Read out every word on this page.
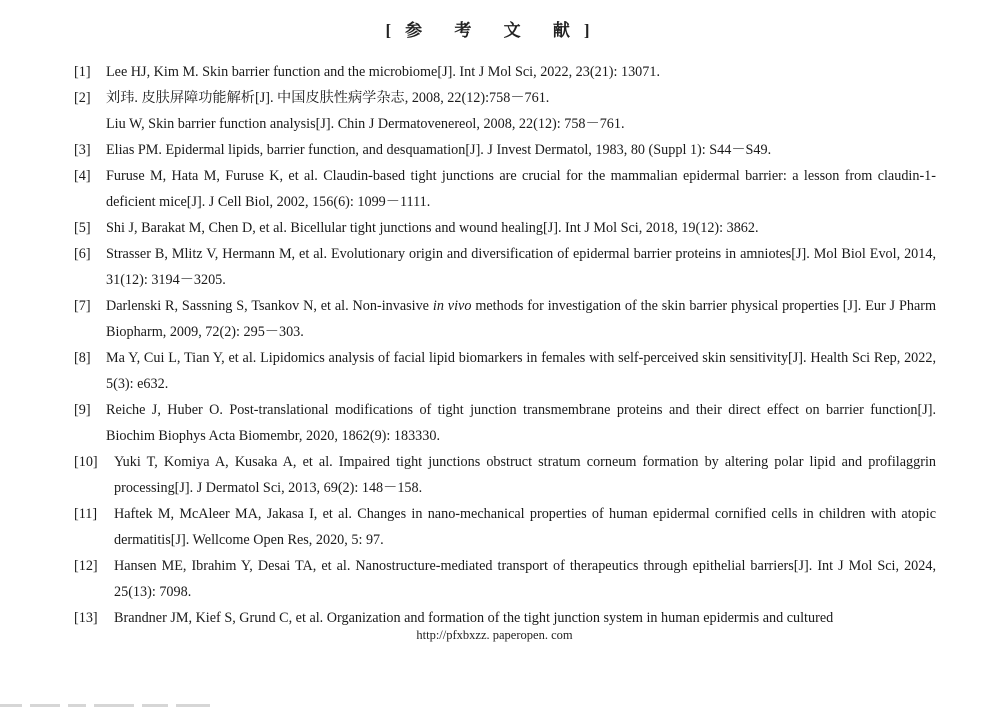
[参 考 文 献]
[1]	Lee HJ, Kim M. Skin barrier function and the microbiome[J]. Int J Mol Sci, 2022, 23(21): 13071.
[2]	刘玮. 皮肤屏障功能解析[J]. 中国皮肤性病学杂志, 2008, 22(12):758－761.
Liu W, Skin barrier function analysis[J]. Chin J Dermatovenereol, 2008, 22(12): 758－761.
[3]	Elias PM. Epidermal lipids, barrier function, and desquamation[J]. J Invest Dermatol, 1983, 80 (Suppl 1): S44－S49.
[4]	Furuse M, Hata M, Furuse K, et al. Claudin-based tight junctions are crucial for the mammalian epidermal barrier: a lesson from claudin-1-deficient mice[J]. J Cell Biol, 2002, 156(6): 1099－1111.
[5]	Shi J, Barakat M, Chen D, et al. Bicellular tight junctions and wound healing[J]. Int J Mol Sci, 2018, 19(12): 3862.
[6]	Strasser B, Mlitz V, Hermann M, et al. Evolutionary origin and diversification of epidermal barrier proteins in amniotes[J]. Mol Biol Evol, 2014, 31(12): 3194－3205.
[7]	Darlenski R, Sassning S, Tsankov N, et al. Non-invasive in vivo methods for investigation of the skin barrier physical properties [J]. Eur J Pharm Biopharm, 2009, 72(2): 295－303.
[8]	Ma Y, Cui L, Tian Y, et al. Lipidomics analysis of facial lipid biomarkers in females with self-perceived skin sensitivity[J]. Health Sci Rep, 2022, 5(3): e632.
[9]	Reiche J, Huber O. Post-translational modifications of tight junction transmembrane proteins and their direct effect on barrier function[J]. Biochim Biophys Acta Biomembr, 2020, 1862(9): 183330.
[10]	Yuki T, Komiya A, Kusaka A, et al. Impaired tight junctions obstruct stratum corneum formation by altering polar lipid and profilaggrin processing[J]. J Dermatol Sci, 2013, 69(2): 148－158.
[11]	Haftek M, McAleer MA, Jakasa I, et al. Changes in nano-mechanical properties of human epidermal cornified cells in children with atopic dermatitis[J]. Wellcome Open Res, 2020, 5: 97.
[12]	Hansen ME, Ibrahim Y, Desai TA, et al. Nanostructure-mediated transport of therapeutics through epithelial barriers[J]. Int J Mol Sci, 2024, 25(13): 7098.
[13]	Brandner JM, Kief S, Grund C, et al. Organization and formation of the tight junction system in human epidermis and cultured
http://pfxbxzz. paperopen. com
